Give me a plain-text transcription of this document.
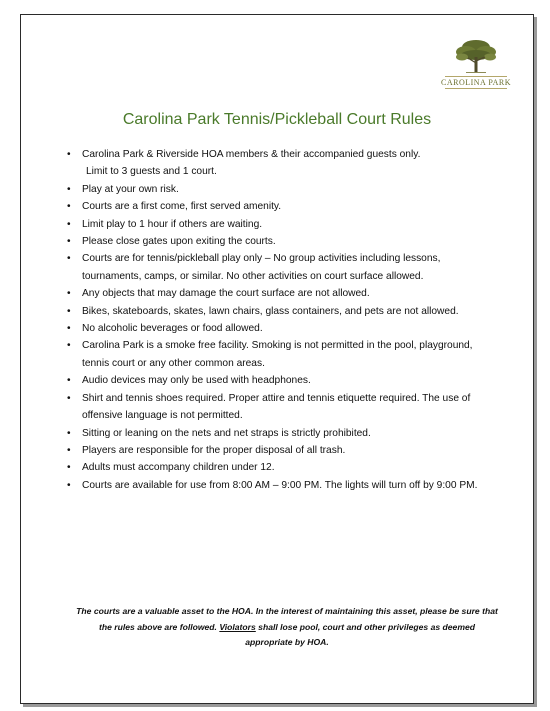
CAROLINA PARK
Carolina Park Tennis/Pickleball Court Rules
• Carolina Park & Riverside HOA members & their accompanied guests only.
Limit to 3 guests and 1 court.
• Play at your own risk.
• Courts are a first come, first served amenity.
• Limit play to 1 hour if others are waiting.
• Please close gates upon exiting the courts.
• Courts are for tennis/pickleball play only – No group activities including lessons, tournaments, camps, or similar. No other activities on court surface allowed.
• Any objects that may damage the court surface are not allowed.
• Bikes, skateboards, skates, lawn chairs, glass containers, and pets are not allowed.
• No alcoholic beverages or food allowed.
• Carolina Park is a smoke free facility. Smoking is not permitted in the pool, playground, tennis court or any other common areas.
• Audio devices may only be used with headphones.
• Shirt and tennis shoes required. Proper attire and tennis etiquette required. The use of offensive language is not permitted.
• Sitting or leaning on the nets and net straps is strictly prohibited.
• Players are responsible for the proper disposal of all trash.
• Adults must accompany children under 12.
• Courts are available for use from 8:00 AM – 9:00 PM. The lights will turn off by 9:00 PM.
The courts are a valuable asset to the HOA. In the interest of maintaining this asset, please be sure that the rules above are followed. Violators shall lose pool, court and other privileges as deemed appropriate by HOA.
